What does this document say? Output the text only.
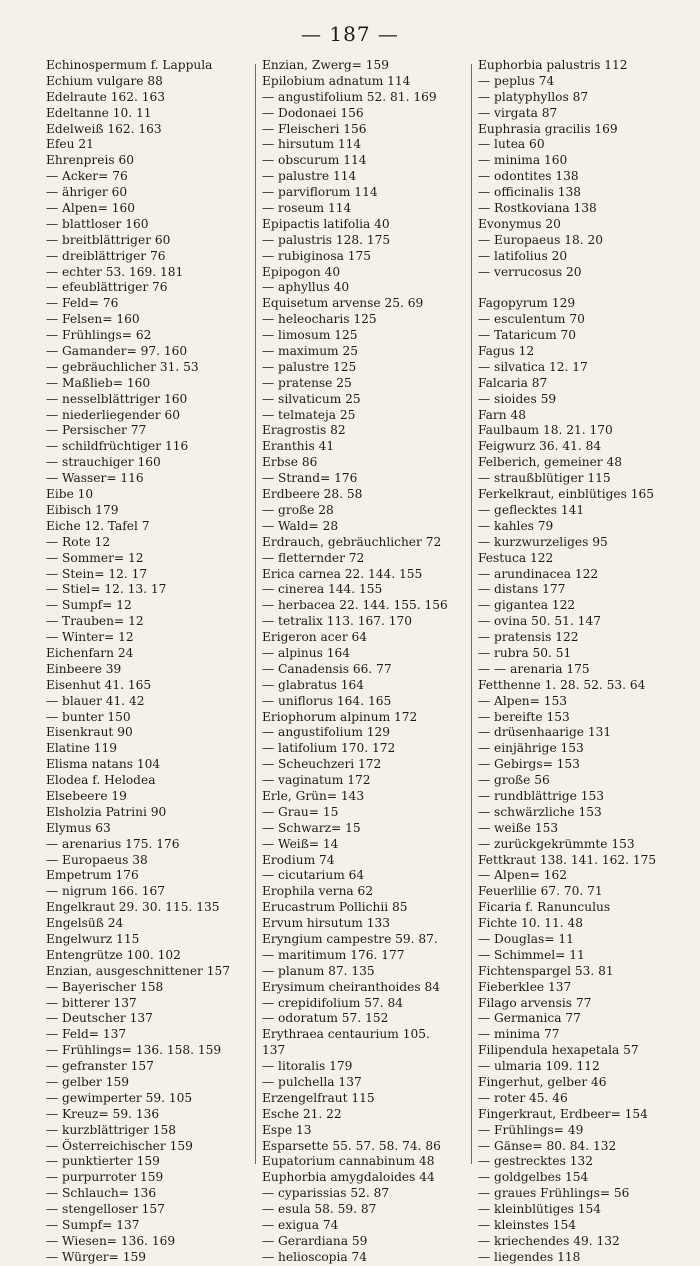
— 187 —
Echinospermum f. Lappula
Echium vulgare 88
Edelraute 162. 163
Edeltanne 10. 11
Edelweiß 162. 163
Efeu 21
Ehrenpreis 60
— Acker= 76
— ähriger 60
— Alpen= 160
— blattloser 160
— breitblättriger 60
— dreiblättriger 76
— echter 53. 169. 181
— efeublättriger 76
— Feld= 76
— Felsen= 160
— Frühlings= 62
— Gamander= 97. 160
— gebräuchlicher 31. 53
— Maßlieb= 160
— nesselblättriger 160
— niederliegender 60
— Persischer 77
— schildfrüchtiger 116
— strauchiger 160
— Wasser= 116
Eibe 10
Eibisch 179
Eiche 12. Tafel 7
— Rote 12
— Sommer= 12
— Stein= 12. 17
— Stiel= 12. 13. 17
— Sumpf= 12
— Trauben= 12
— Winter= 12
Eichenfarn 24
Einbeere 39
Eisenhut 41. 165
— blauer 41. 42
— bunter 150
Eisenkraut 90
Elatine 119
Elisma natans 104
Elodea f. Helodea
Elsebeere 19
Elsholzia Patrini 90
Elymus 63
— arenarius 175. 176
— Europaeus 38
Empetrum 176
— nigrum 166. 167
Engelkraut 29. 30. 115. 135
Engelsüß 24
Engelwurz 115
Entengrütze 100. 102
Enzian, ausgeschnittener 157
— Bayerischer 158
— bitterer 137
— Deutscher 137
— Feld= 137
— Frühlings= 136. 158. 159
— gefranster 157
— gelber 159
— gewimperter 59. 105
— Kreuz= 59. 136
— kurzblättriger 158
— Österreichischer 159
— punktierter 159
— purpurroter 159
— Schlauch= 136
— stengelloser 157
— Sumpf= 137
— Wiesen= 136. 169
— Würger= 159
Enzian, Zwerg= 159
Epilobium adnatum 114
— angustifolium 52. 81. 169
— Dodonaei 156
— Fleischeri 156
— hirsutum 114
— obscurum 114
— palustre 114
— parviflorum 114
— roseum 114
Epipactis latifolia 40
— palustris 128. 175
— rubiginosa 175
Epipogon 40
— aphyllus 40
Equisetum arvense 25. 69
— heleocharis 125
— limosum 125
— maximum 25
— palustre 125
— pratense 25
— silvaticum 25
— telmateja 25
Eragrostis 82
Eranthis 41
Erbse 86
— Strand= 176
Erdbeere 28. 58
— große 28
— Wald= 28
Erdrauch, gebräuchlicher 72
— fletternder 72
Erica carnea 22. 144. 155
— cinerea 144. 155
— herbacea 22. 144. 155. 156
— tetralix 113. 167. 170
Erigeron acer 64
— alpinus 164
— Canadensis 66. 77
— glabratus 164
— uniflorus 164. 165
Eriophorum alpinum 172
— angustifolium 129
— latifolium 170. 172
— Scheuchzeri 172
— vaginatum 172
Erle, Grün= 143
— Grau= 15
— Schwarz= 15
— Weiß= 14
Erodium 74
— cicutarium 64
Erophila verna 62
Erucastrum Pollichii 85
Ervum hirsutum 133
Eryngium campestre 59. 87.
— maritimum 176. 177
— planum 87. 135
Erysimum cheiranthoides 84
— crepidifolium 57. 84
— odoratum 57. 152
Erythraea centaurium 105.
137
— litoralis 179
— pulchella 137
Erzengelfraut 115
Esche 21. 22
Espe 13
Esparsette 55. 57. 58. 74. 86
Eupatorium cannabinum 48
Euphorbia amygdaloides 44
— cyparissias 52. 87
— esula 58. 59. 87
— exigua 74
— Gerardiana 59
— helioscopia 74
Euphorbia palustris 112
— peplus 74
— platyphyllos 87
— virgata 87
Euphrasia gracilis 169
— lutea 60
— minima 160
— odontites 138
— officinalis 138
— Rostkoviana 138
Evonymus 20
— Europaeus 18. 20
— latifolius 20
— verrucosus 20
Fagopyrum 129
— esculentum 70
— Tataricum 70
Fagus 12
— silvatica 12. 17
Falcaria 87
— sioides 59
Farn 48
Faulbaum 18. 21. 170
Feigwurz 36. 41. 84
Felberich, gemeiner 48
— straußblütiger 115
Ferkelkraut, einblütiges 165
— geflecktes 141
— kahles 79
— kurzwurzeliges 95
Festuca 122
— arundinacea 122
— distans 177
— gigantea 122
— ovina 50. 51. 147
— pratensis 122
— rubra 50. 51
— — arenaria 175
Fetthenne 1. 28. 52. 53. 64
— Alpen= 153
— bereifte 153
— drüsenhaarige 131
— einjährige 153
— Gebirgs= 153
— große 56
— rundblättrige 153
— schwärzliche 153
— weiße 153
— zurückgekrümmte 153
Fettkraut 138. 141. 162. 175
— Alpen= 162
Feuerlilie 67. 70. 71
Ficaria f. Ranunculus
Fichte 10. 11. 48
— Douglas= 11
— Schimmel= 11
Fichtenspargel 53. 81
Fieberklee 137
Filago arvensis 77
— Germanica 77
— minima 77
Filipendula hexapetala 57
— ulmaria 109. 112
Fingerhut, gelber 46
— roter 45. 46
Fingerkraut, Erdbeer= 154
— Frühlings= 49
— Gänse= 80. 84. 132
— gestrecktes 132
— goldgelbes 154
— graues Frühlings= 56
— kleinblütiges 154
— kleinstes 154
— kriechendes 49. 132
— liegendes 118
